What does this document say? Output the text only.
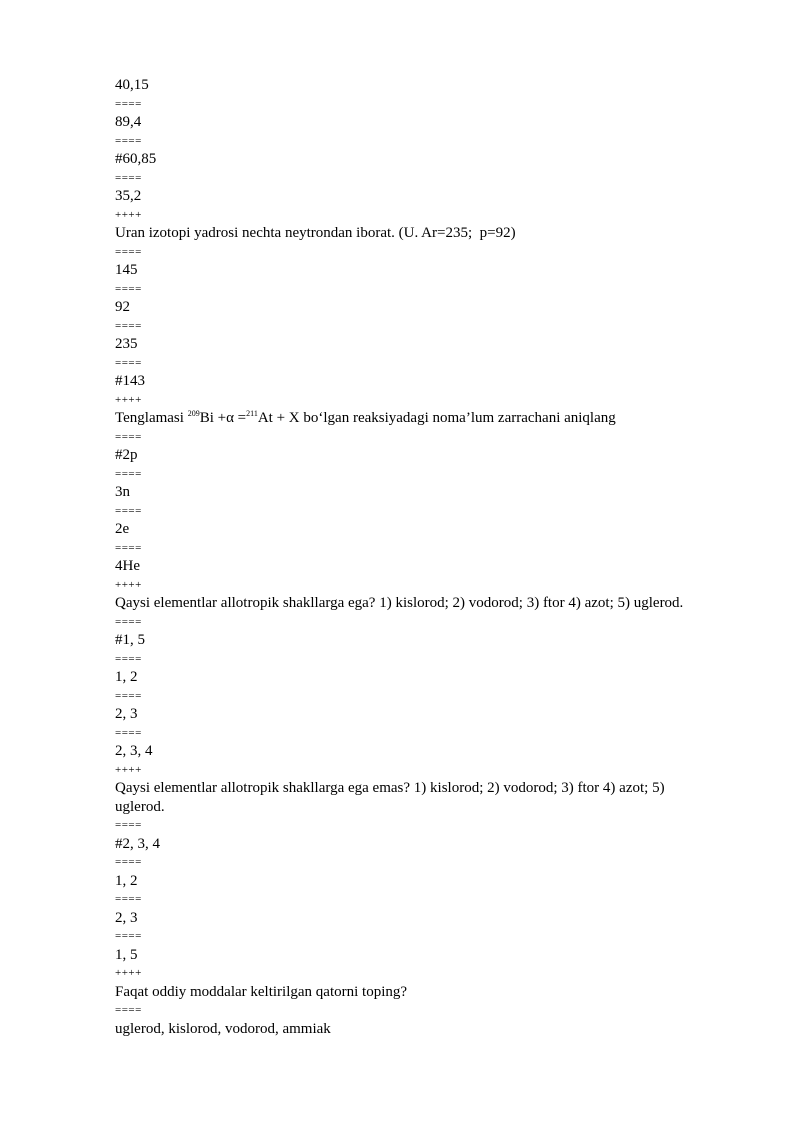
40,15
====
89,4
====
#60,85
====
35,2
++++
Uran izotopi yadrosi nechta neytrondan iborat. (U. Ar=235;  p=92)
====
145
====
92
====
235
====
#143
++++
Tenglamasi $^{209}$Bi +α =$^{211}$At + X bo‘lgan reaksiyadagi noma’lum zarrachani aniqlang
====
#2p
====
3n
====
2e
====
4He
++++
Qaysi elementlar allotropik shakllarga ega? 1) kislorod; 2) vodorod; 3) ftor 4) azot; 5) uglerod.
====
#1, 5
====
1, 2
====
2, 3
====
2, 3, 4
++++
Qaysi elementlar allotropik shakllarga ega emas? 1) kislorod; 2) vodorod; 3) ftor 4) azot; 5)
uglerod.
====
#2, 3, 4
====
1, 2
====
2, 3
====
1, 5
++++
Faqat oddiy moddalar keltirilgan qatorni toping?
====
uglerod, kislorod, vodorod, ammiak
